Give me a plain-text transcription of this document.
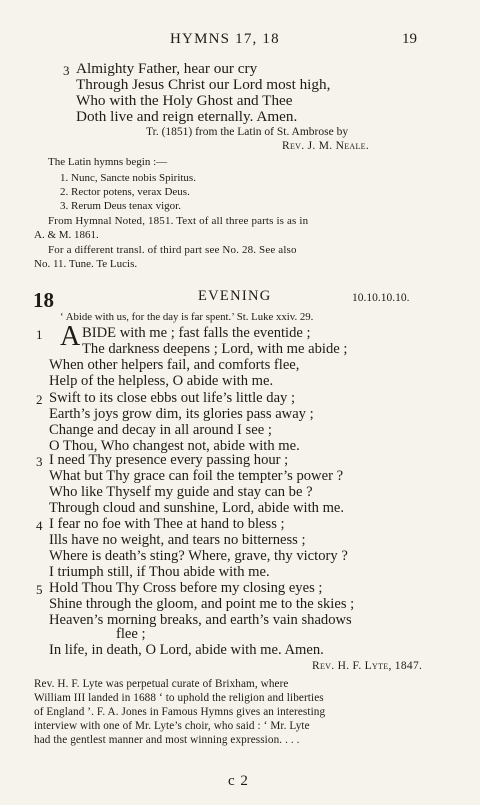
HYMNS 17, 18	19
3 Almighty Father, hear our cry
Through Jesus Christ our Lord most high,
Who with the Holy Ghost and Thee
Doth live and reign eternally. Amen.
Tr. (1851) from the Latin of St. Ambrose by
Rev. J. M. Neale.
The Latin hymns begin :—
1. Nunc, Sancte nobis Spiritus.
2. Rector potens, verax Deus.
3. Rerum Deus tenax vigor.
From Hymnal Noted, 1851. Text of all three parts is as in
A. & M. 1861.
For a different transl. of third part see No. 28. See also
No. 11. Tune. Te Lucis.
18	EVENING	10.10.10.10.
‘ Abide with us, for the day is far spent.’ St. Luke xxiv. 29.
1 A BIDE with me ; fast falls the eventide ;
The darkness deepens ; Lord, with me abide ;
When other helpers fail, and comforts flee,
Help of the helpless, O abide with me.
2 Swift to its close ebbs out life’s little day ;
Earth’s joys grow dim, its glories pass away ;
Change and decay in all around I see ;
O Thou, Who changest not, abide with me.
3 I need Thy presence every passing hour ;
What but Thy grace can foil the tempter’s power ?
Who like Thyself my guide and stay can be ?
Through cloud and sunshine, Lord, abide with me.
4 I fear no foe with Thee at hand to bless ;
Ills have no weight, and tears no bitterness ;
Where is death’s sting? Where, grave, thy victory ?
I triumph still, if Thou abide with me.
5 Hold Thou Thy Cross before my closing eyes ;
Shine through the gloom, and point me to the skies ;
Heaven’s morning breaks, and earth’s vain shadows
flee ;
In life, in death, O Lord, abide with me. Amen.
Rev. H. F. Lyte, 1847.
Rev. H. F. Lyte was perpetual curate of Brixham, where
William III landed in 1688 ‘ to uphold the religion and liberties
of England ’. F. A. Jones in Famous Hymns gives an interesting
interview with one of Mr. Lyte’s choir, who said : ‘ Mr. Lyte
had the gentlest manner and most winning expression. . . .
c 2
